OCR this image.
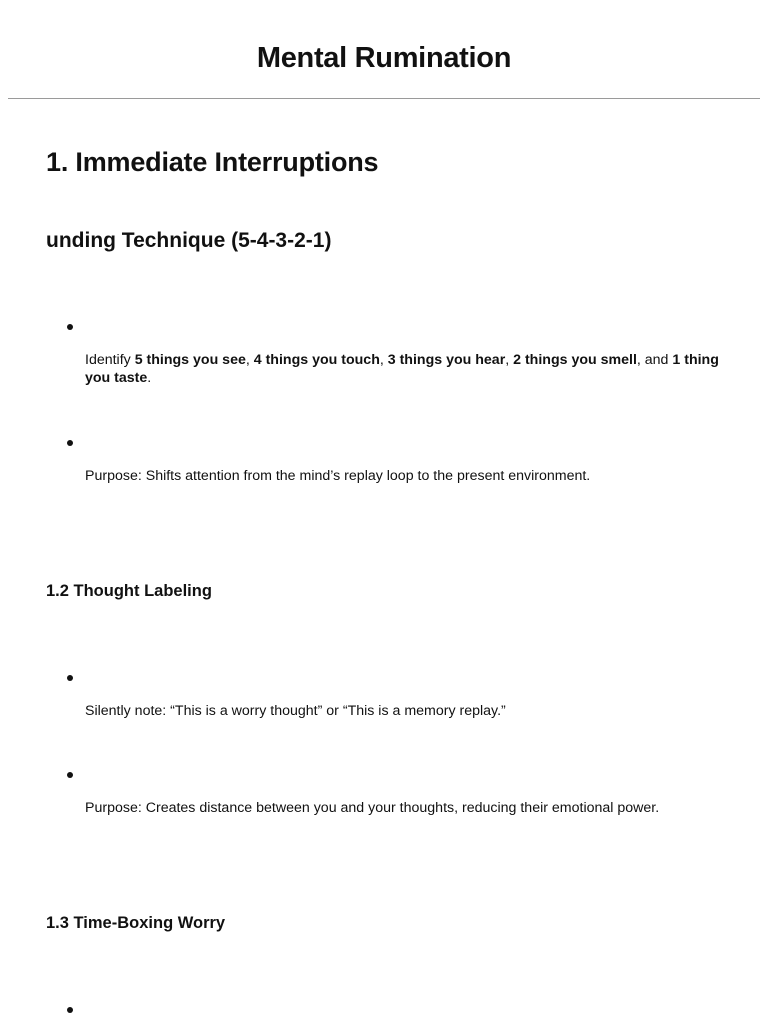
Mental Rumination
1. Immediate Interruptions
unding Technique (5-4-3-2-1)

Identify 5 things you see, 4 things you touch, 3 things you hear, 2 things you smell, and 1 thing you taste.

Purpose: Shifts attention from the mind’s replay loop to the present environment.

1.2 Thought Labeling

Silently note: “This is a worry thought” or “This is a memory replay.”

Purpose: Creates distance between you and your thoughts, reducing their emotional power.

1.3 Time-Boxing Worry
